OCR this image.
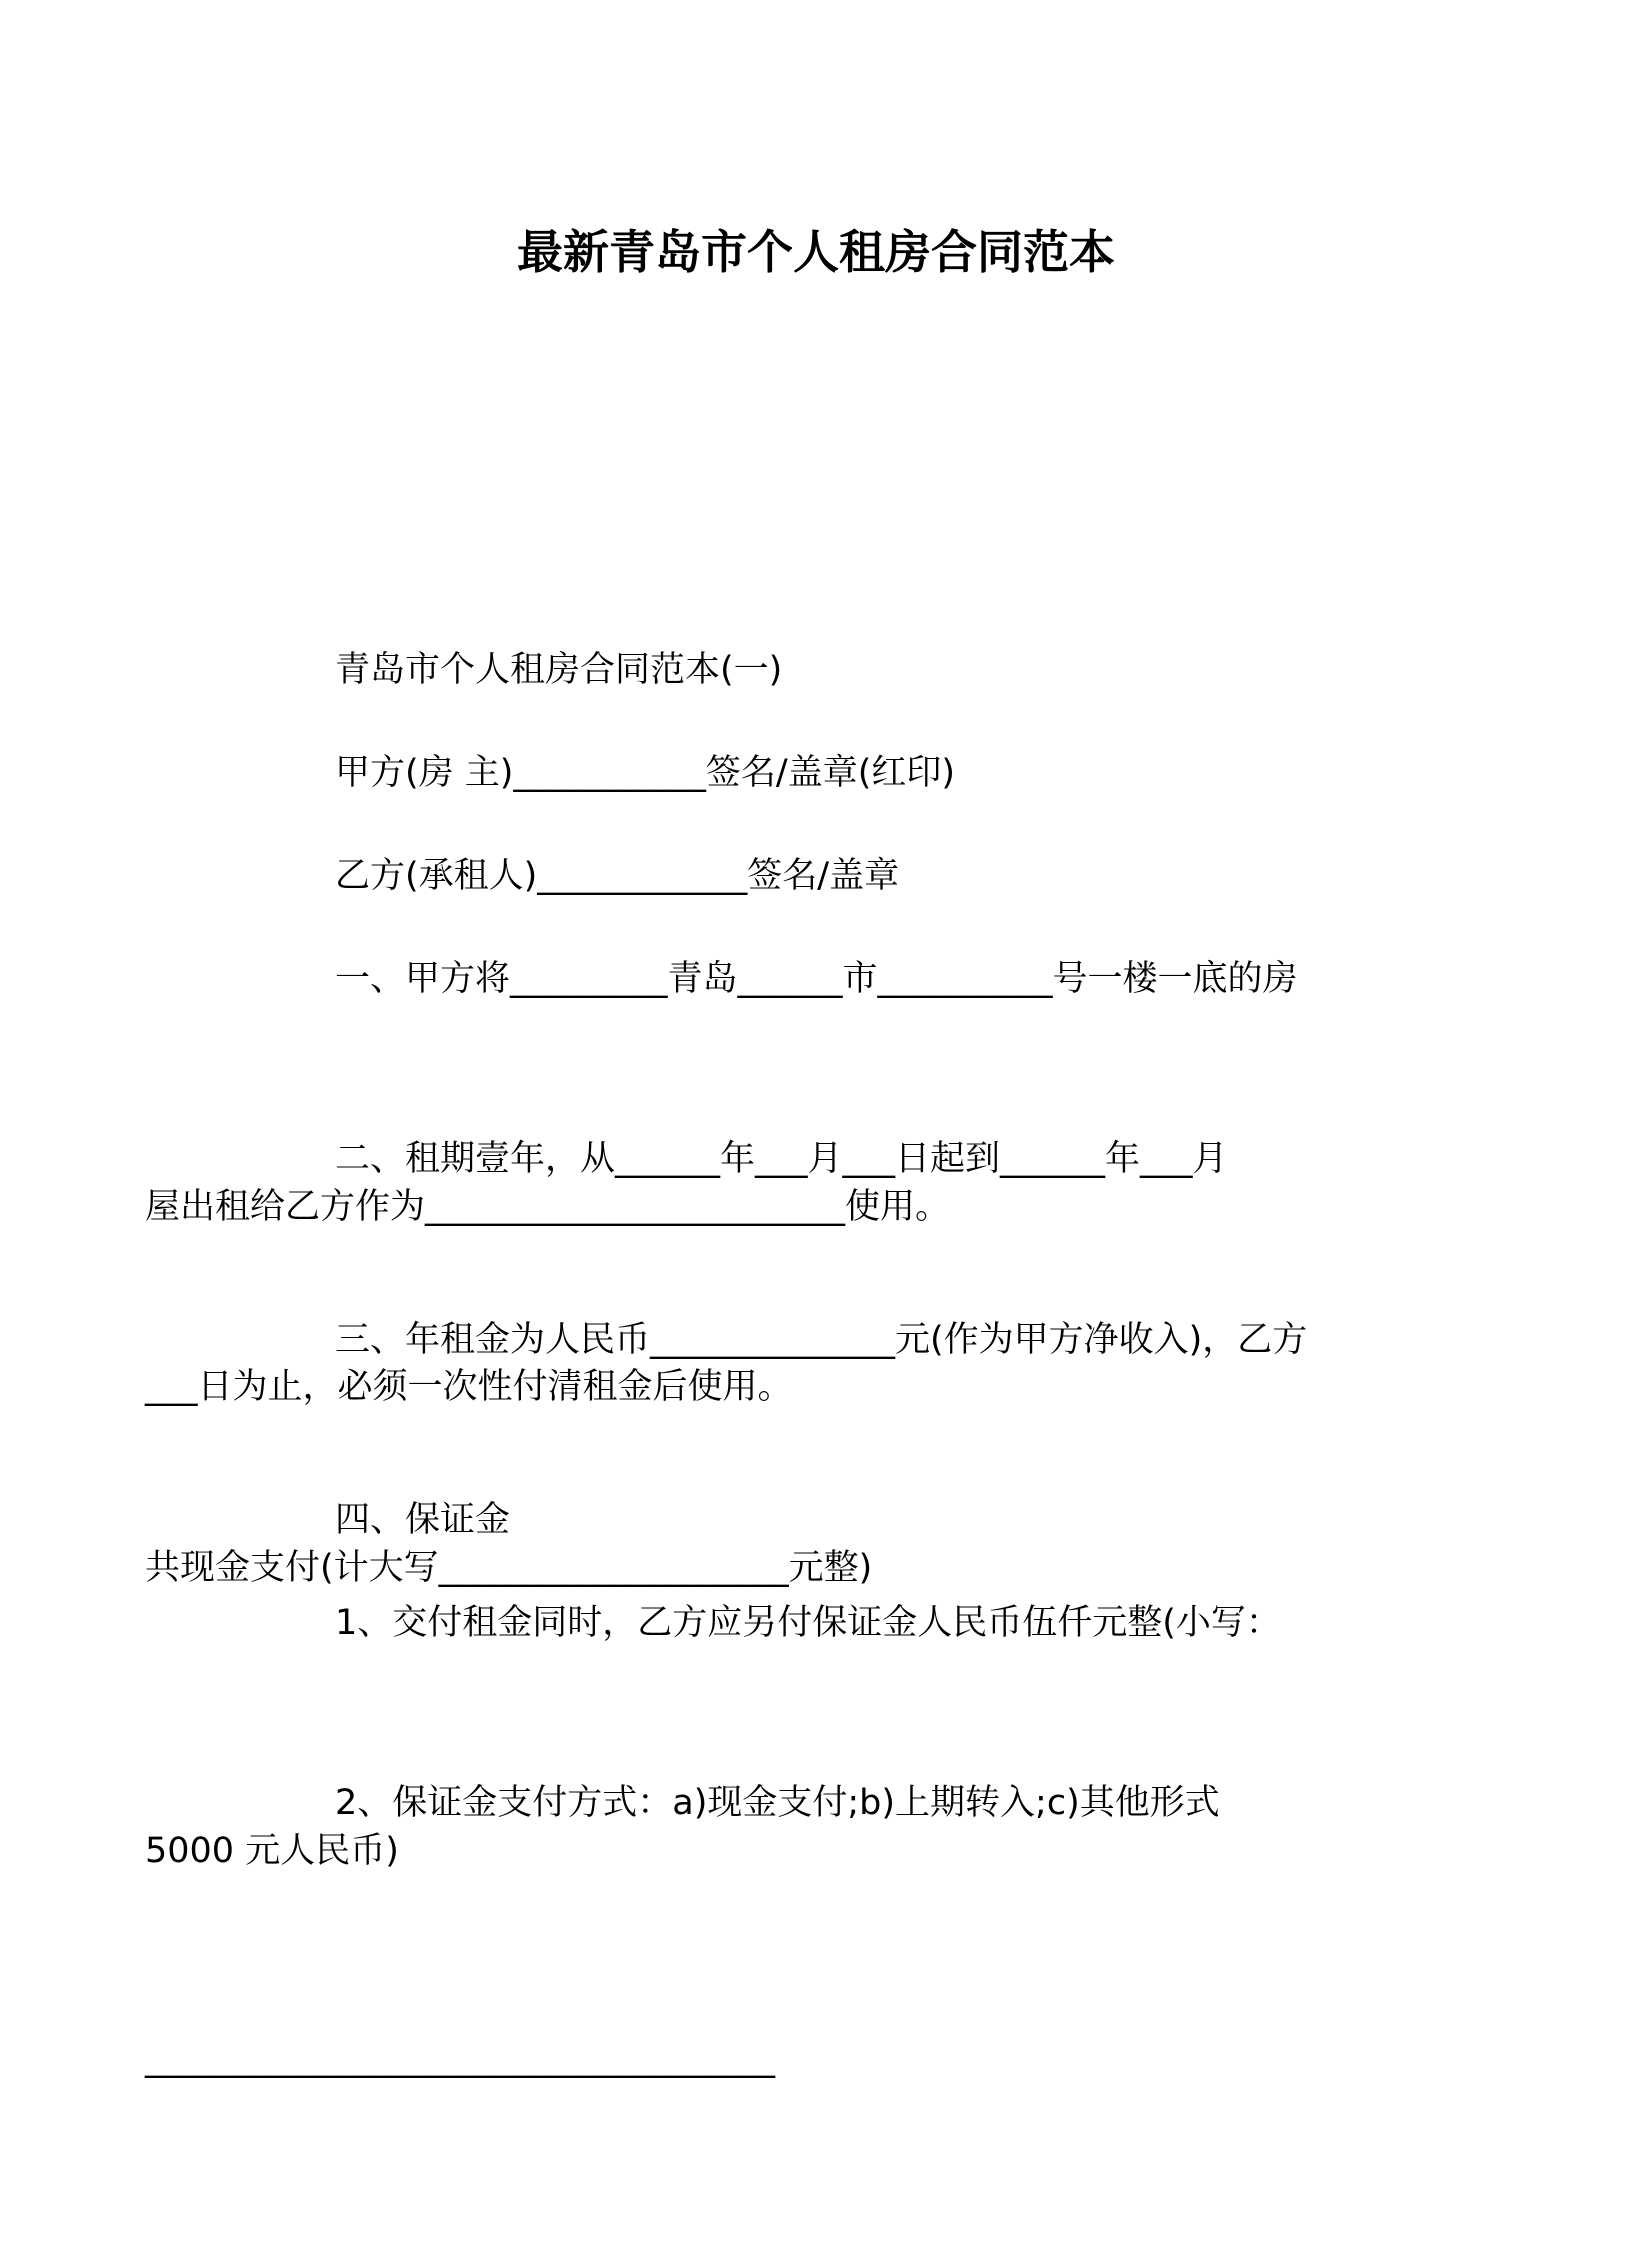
最新青岛市个人租房合同范本

青岛市个人租房合同范本(一)

甲方(房 主)___________签名/盖章(红印)

乙方(承租人)____________签名/盖章

一、甲方将_________青岛______市__________号一楼一底的房

屋出租给乙方作为________________________使用。

二、租期壹年，从______年___月___日起到______年___月

___日为止，必须一次性付清租金后使用。

三、年租金为人民币______________元(作为甲方净收入)，乙方

共现金支付(计大写____________________元整)

四、保证金

1、交付租金同时，乙方应另付保证金人民币伍仟元整(小写：

5000 元人民币)

2、保证金支付方式：a)现金支付;b)上期转入;c)其他形式

____________________________________
